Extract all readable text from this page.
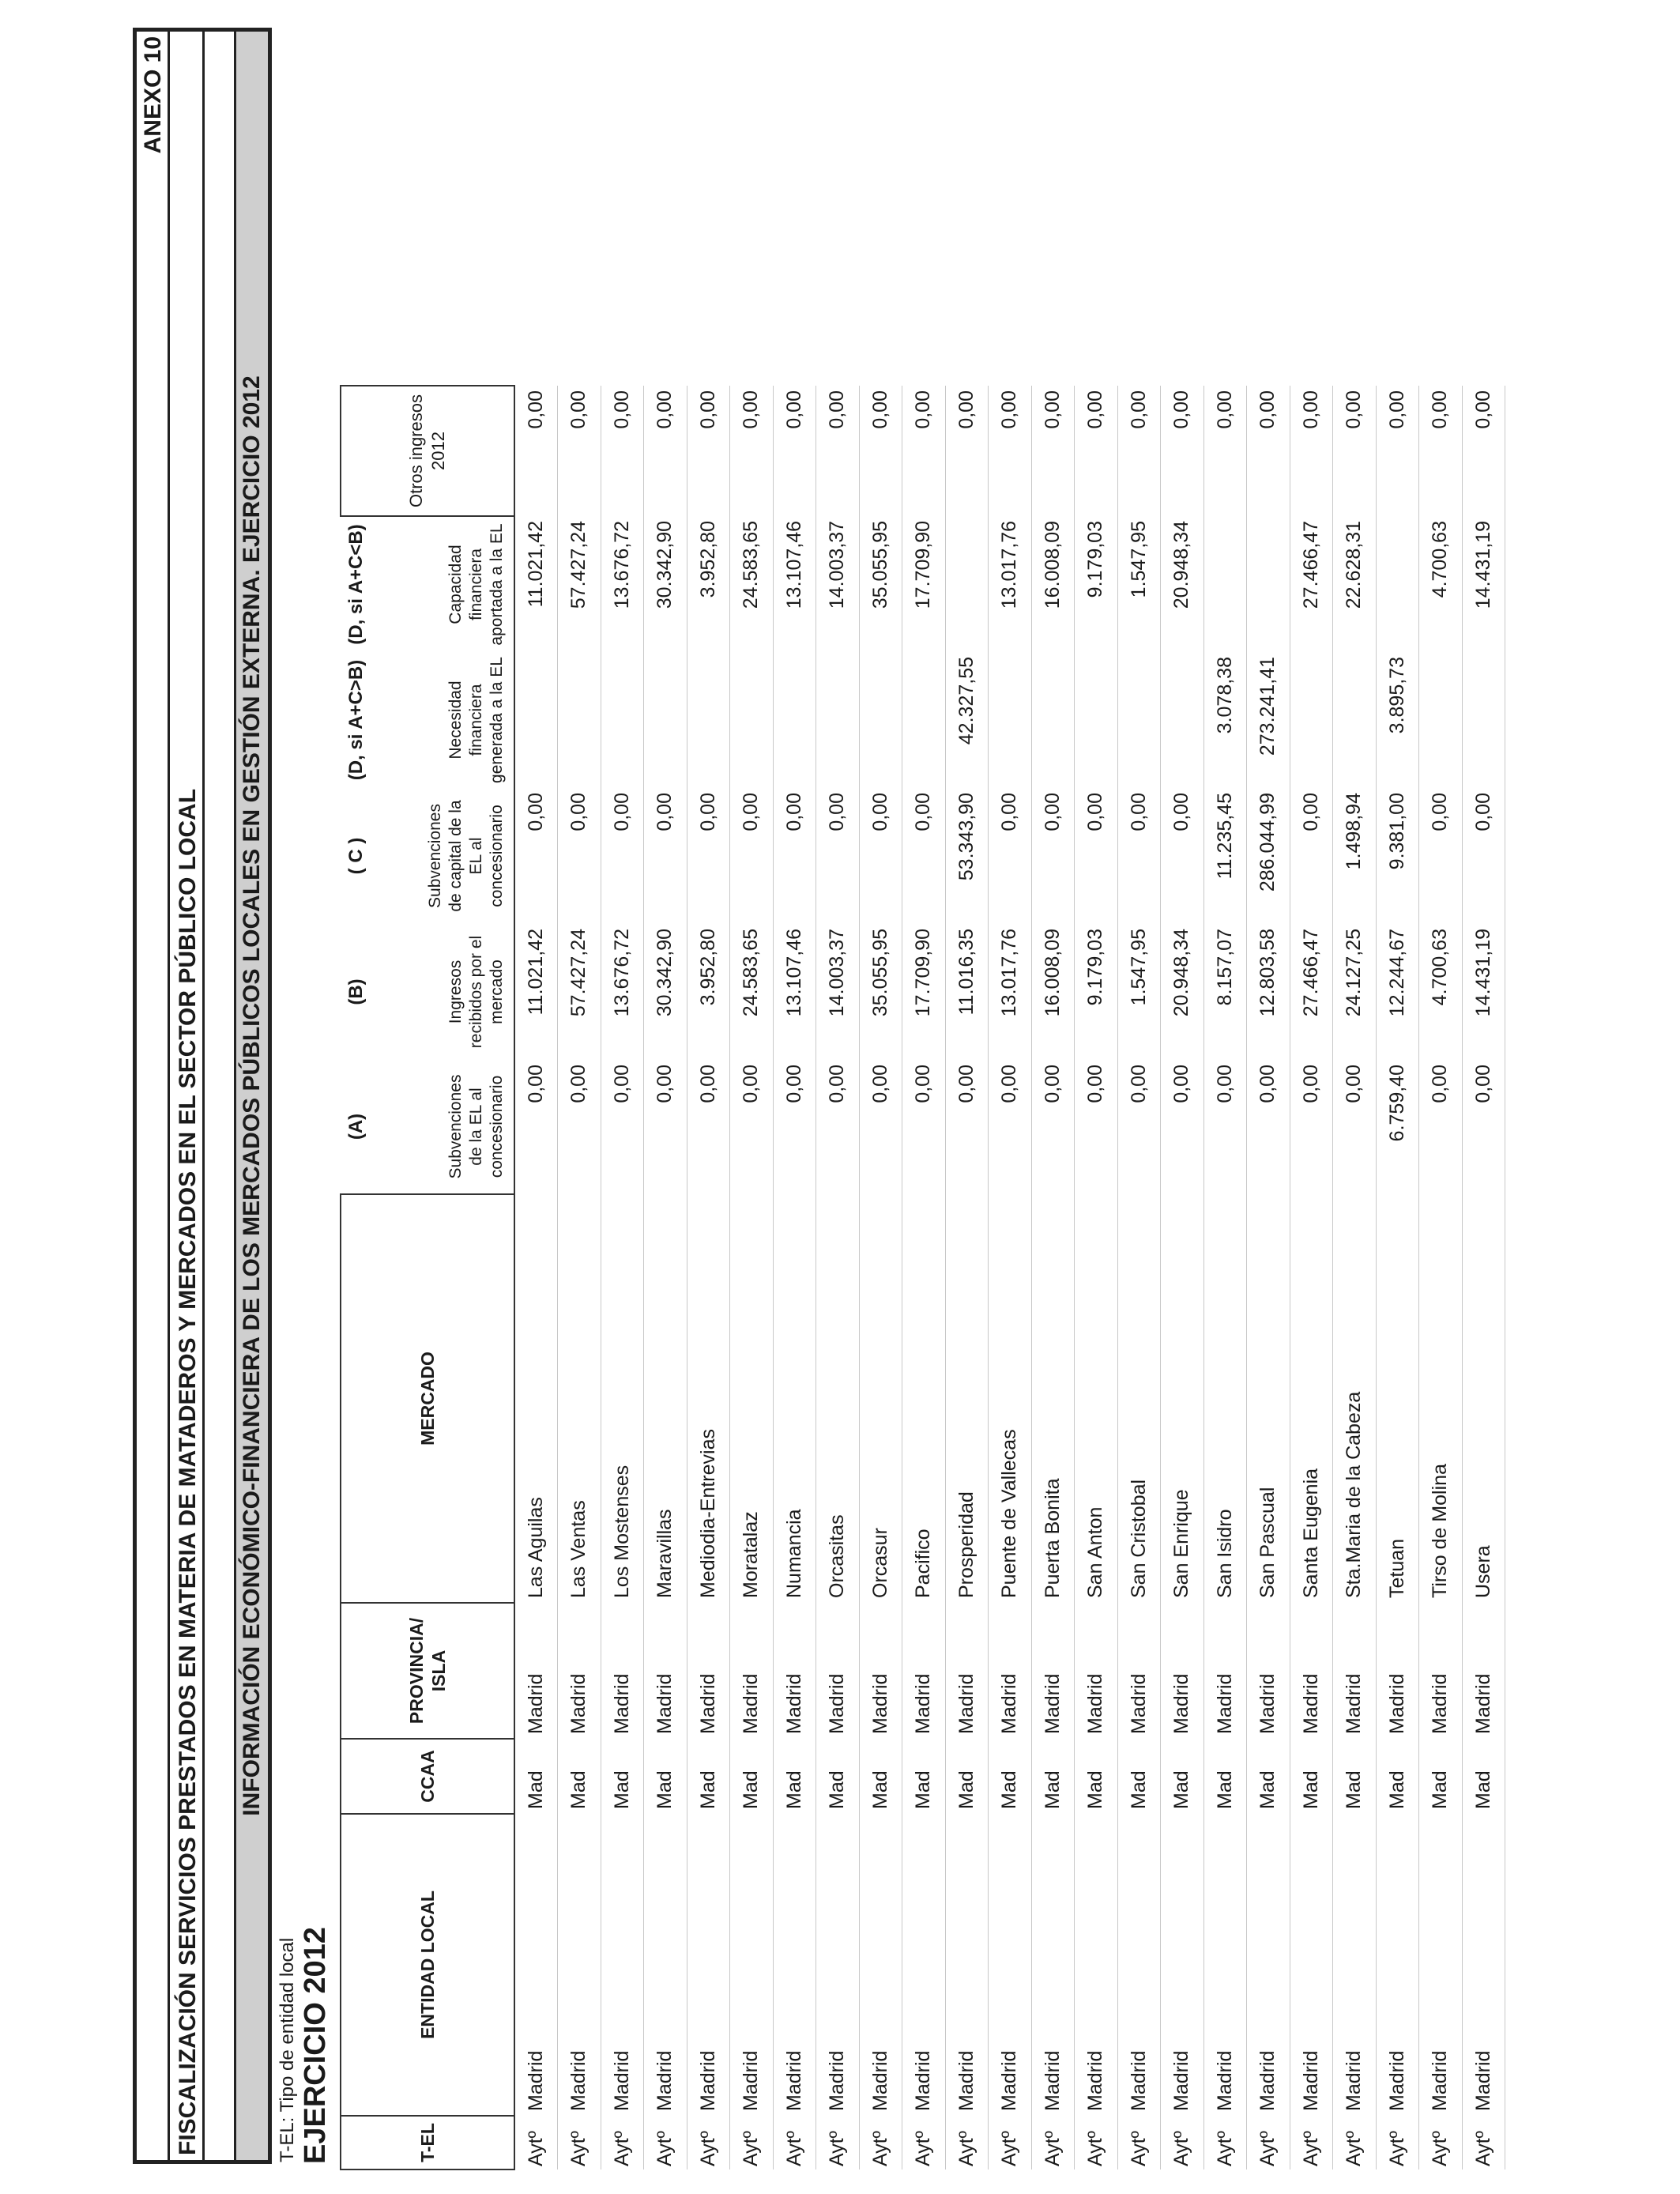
ANEXO 10
FISCALIZACIÓN SERVICIOS PRESTADOS EN MATERIA DE MATADEROS Y MERCADOS EN EL SECTOR PÚBLICO LOCAL INFORMACIÓN ECONÓMICO-FINANCIERA DE LOS MERCADOS PÚBLICOS LOCALES EN GESTIÓN EXTERNA. EJERCICIO 2012
T-EL: Tipo de entidad local EJERCICIO 2012	T-EL	ENTIDAD LOCAL	CCAA	PROVINCIA/ ISLA	MERCADO	(A)	(B)	( C )	(D, si A+C>B)	(D, si A+C<B)	Otros ingresos 2012
					Subvenciones de la EL al concesionario	Ingresos recibidos por el mercado	Subvenciones de capital de la EL al concesionario	Necesidad financiera generada a la EL	Capacidad financiera aportada a la EL	
Aytº	Madrid	Mad	Madrid	Las Aguilas	0,00	11.021,42	0,00		11.021,42	0,00
Aytº	Madrid	Mad	Madrid	Las Ventas	0,00	57.427,24	0,00		57.427,24	0,00
Aytº	Madrid	Mad	Madrid	Los Mostenses	0,00	13.676,72	0,00		13.676,72	0,00
Aytº	Madrid	Mad	Madrid	Maravillas	0,00	30.342,90	0,00		30.342,90	0,00
Aytº	Madrid	Mad	Madrid	Mediodia-Entrevias	0,00	3.952,80	0,00		3.952,80	0,00
Aytº	Madrid	Mad	Madrid	Moratalaz	0,00	24.583,65	0,00		24.583,65	0,00
Aytº	Madrid	Mad	Madrid	Numancia	0,00	13.107,46	0,00		13.107,46	0,00
Aytº	Madrid	Mad	Madrid	Orcasitas	0,00	14.003,37	0,00		14.003,37	0,00
Aytº	Madrid	Mad	Madrid	Orcasur	0,00	35.055,95	0,00		35.055,95	0,00
Aytº	Madrid	Mad	Madrid	Pacifico	0,00	17.709,90	0,00		17.709,90	0,00
Aytº	Madrid	Mad	Madrid	Prosperidad	0,00	11.016,35	53.343,90	42.327,55		0,00
Aytº	Madrid	Mad	Madrid	Puente de Vallecas	0,00	13.017,76	0,00		13.017,76	0,00
Aytº	Madrid	Mad	Madrid	Puerta Bonita	0,00	16.008,09	0,00		16.008,09	0,00
Aytº	Madrid	Mad	Madrid	San Anton	0,00	9.179,03	0,00		9.179,03	0,00
Aytº	Madrid	Mad	Madrid	San Cristobal	0,00	1.547,95	0,00		1.547,95	0,00
Aytº	Madrid	Mad	Madrid	San Enrique	0,00	20.948,34	0,00		20.948,34	0,00
Aytº	Madrid	Mad	Madrid	San Isidro	0,00	8.157,07	11.235,45	3.078,38		0,00
Aytº	Madrid	Mad	Madrid	San Pascual	0,00	12.803,58	286.044,99	273.241,41		0,00
Aytº	Madrid	Mad	Madrid	Santa Eugenia	0,00	27.466,47	0,00		27.466,47	0,00
Aytº	Madrid	Mad	Madrid	Sta.Maria de la Cabeza	0,00	24.127,25	1.498,94		22.628,31	0,00
Aytº	Madrid	Mad	Madrid	Tetuan	6.759,40	12.244,67	9.381,00	3.895,73		0,00
Aytº	Madrid	Mad	Madrid	Tirso de Molina	0,00	4.700,63	0,00		4.700,63	0,00
Aytº	Madrid	Mad	Madrid	Usera	0,00	14.431,19	0,00		14.431,19	0,00
